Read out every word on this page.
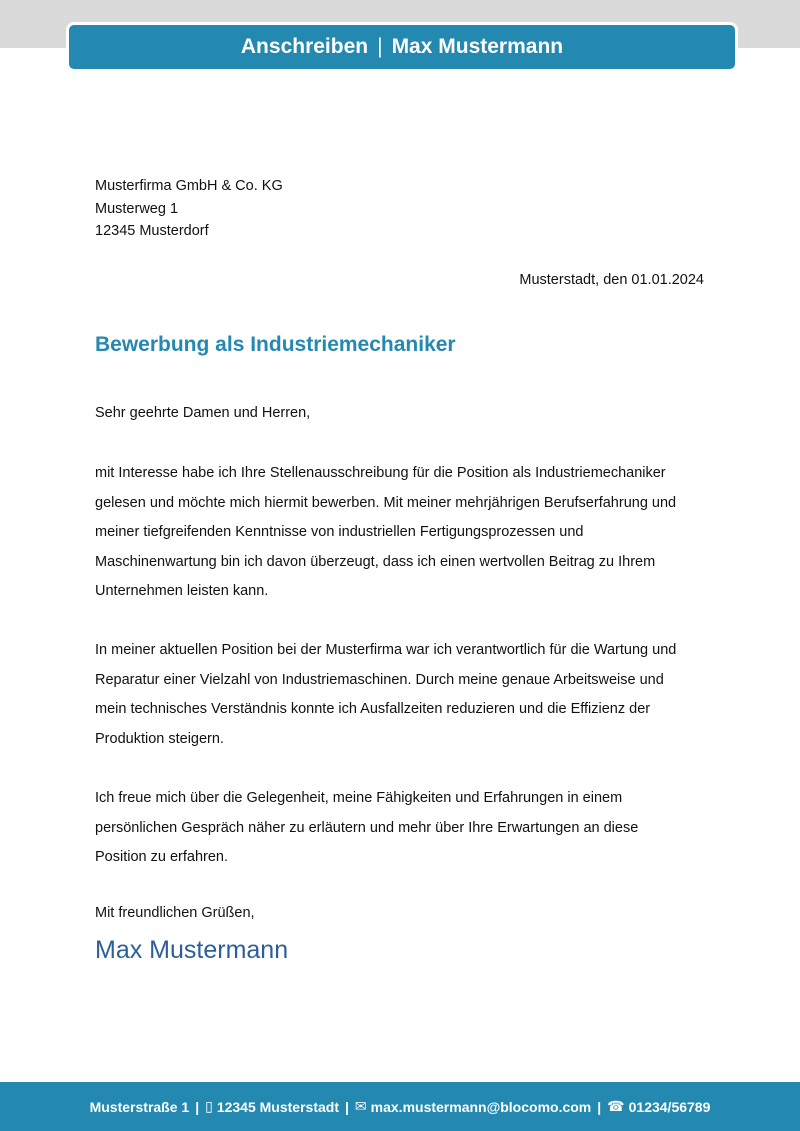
Anschreiben | Max Mustermann
Musterfirma GmbH & Co. KG
Musterweg 1
12345 Musterdorf
Musterstadt, den 01.01.2024
Bewerbung als Industriemechaniker
Sehr geehrte Damen und Herren,
mit Interesse habe ich Ihre Stellenausschreibung für die Position als Industriemechaniker
gelesen und möchte mich hiermit bewerben. Mit meiner mehrjährigen Berufserfahrung und
meiner tiefgreifenden Kenntnisse von industriellen Fertigungsprozessen und
Maschinenwartung bin ich davon überzeugt, dass ich einen wertvollen Beitrag zu Ihrem
Unternehmen leisten kann.
In meiner aktuellen Position bei der Musterfirma war ich verantwortlich für die Wartung und
Reparatur einer Vielzahl von Industriemaschinen. Durch meine genaue Arbeitsweise und
mein technisches Verständnis konnte ich Ausfallzeiten reduzieren und die Effizienz der
Produktion steigern.
Ich freue mich über die Gelegenheit, meine Fähigkeiten und Erfahrungen in einem
persönlichen Gespräch näher zu erläutern und mehr über Ihre Erwartungen an diese
Position zu erfahren.
Mit freundlichen Grüßen,
Max Mustermann
Musterstraße 1 | ▯ 12345 Musterstadt | ✉ max.mustermann@blocomo.com | ☎ 01234/56789
